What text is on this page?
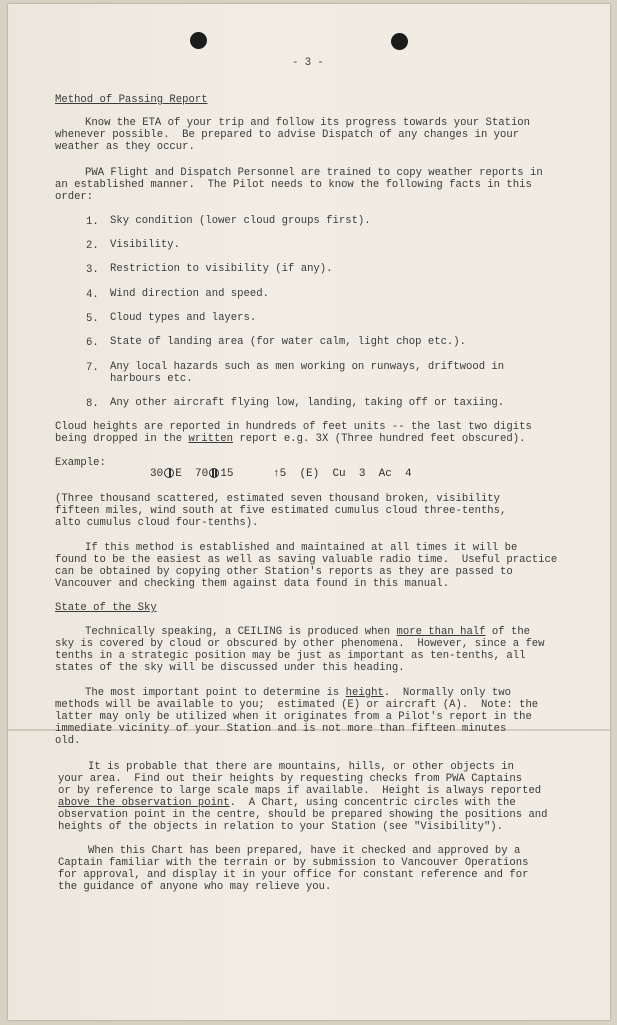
- 3 -

Method of Passing Report

Know the ETA of your trip and follow its progress towards your Station

whenever possible.  Be prepared to advise Dispatch of any changes in your

weather as they occur.

PWA Flight and Dispatch Personnel are trained to copy weather reports in

an established manner.  The Pilot needs to know the following facts in this

order:

1. Sky condition (lower cloud groups first).

2. Visibility.

3. Restriction to visibility (if any).

4. Wind direction and speed.

5. Cloud types and layers.

6. State of landing area (for water calm, light chop etc.).

7. Any local hazards such as men working on runways, driftwood in

harbours etc.

8. Any other aircraft flying low, landing, taking off or taxiing.

Cloud heights are reported in hundreds of feet units -- the last two digits

being dropped in the written report e.g. 3X (Three hundred feet obscured).

Example:

30 E  70 15	↑5  (E)  Cu  3  Ac  4

(Three thousand scattered, estimated seven thousand broken, visibility

fifteen miles, wind south at five estimated cumulus cloud three-tenths,

alto cumulus cloud four-tenths).

If this method is established and maintained at all times it will be

found to be the easiest as well as saving valuable radio time.  Useful practice

can be obtained by copying other Station's reports as they are passed to

Vancouver and checking them against data found in this manual.

State of the Sky

Technically speaking, a CEILING is produced when more than half of the

sky is covered by cloud or obscured by other phenomena.  However, since a few

tenths in a strategic position may be just as important as ten-tenths, all

states of the sky will be discussed under this heading.

The most important point to determine is height.  Normally only two

methods will be available to you;  estimated (E) or aircraft (A).  Note: the

latter may only be utilized when it originates from a Pilot's report in the

immediate vicinity of your Station and is not more than fifteen minutes

old.

It is probable that there are mountains, hills, or other objects in

your area.  Find out their heights by requesting checks from PWA Captains

or by reference to large scale maps if available.  Height is always reported

above the observation point.  A Chart, using concentric circles with the

observation point in the centre, should be prepared showing the positions and

heights of the objects in relation to your Station (see "Visibility").

When this Chart has been prepared, have it checked and approved by a

Captain familiar with the terrain or by submission to Vancouver Operations

for approval, and display it in your office for constant reference and for

the guidance of anyone who may relieve you.
